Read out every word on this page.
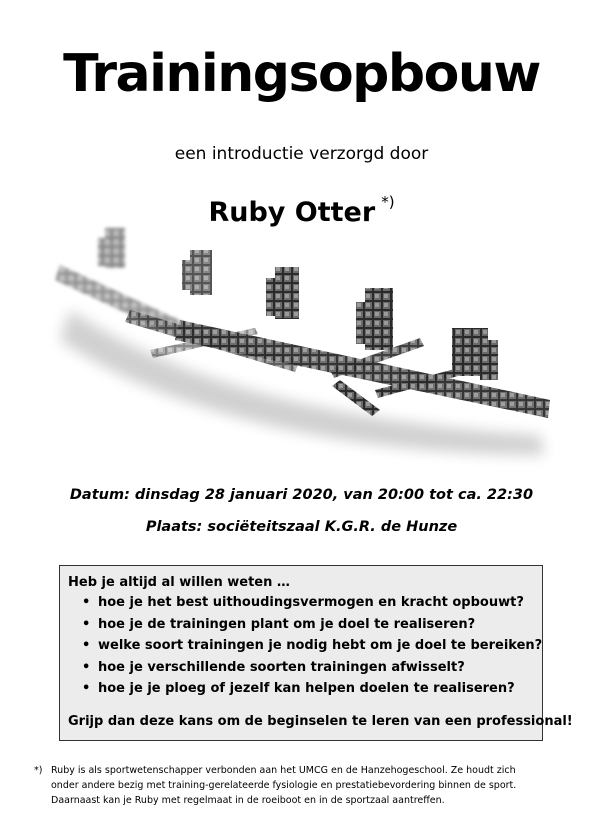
Trainingsopbouw
een introductie verzorgd door
Ruby Otter *)
Datum: dinsdag 28 januari 2020, van 20:00 tot ca. 22:30
Plaats: sociëteitszaal K.G.R. de Hunze
Heb je altijd al willen weten …
• hoe je het best uithoudingsvermogen en kracht opbouwt?
• hoe je de trainingen plant om je doel te realiseren?
• welke soort trainingen je nodig hebt om je doel te bereiken?
• hoe je verschillende soorten trainingen afwisselt?
• hoe je je ploeg of jezelf kan helpen doelen te realiseren?
Grijp dan deze kans om de beginselen te leren van een professional!
*) Ruby is als sportwetenschapper verbonden aan het UMCG en de Hanzehogeschool. Ze houdt zich
onder andere bezig met training-gerelateerde fysiologie en prestatiebevordering binnen de sport.
Daarnaast kan je Ruby met regelmaat in de roeiboot en in de sportzaal aantreffen.
